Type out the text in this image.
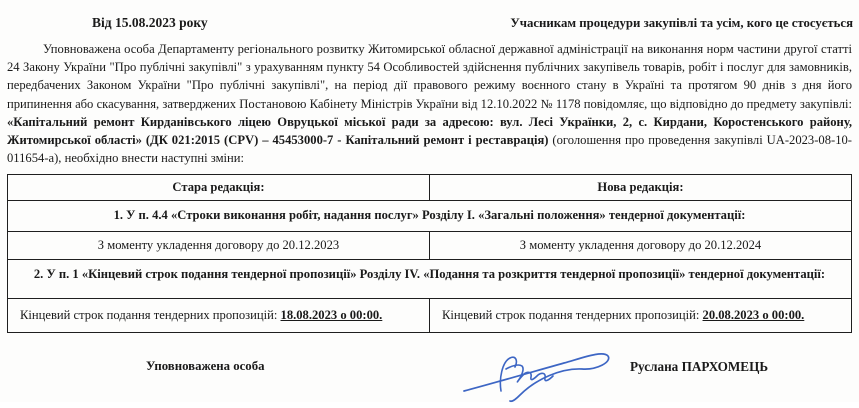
Від 15.08.2023 року	Учасникам процедури закупівлі та усім, кого це стосується

Уповноважена особа Департаменту регіонального розвитку Житомирської обласної державної адміністрації на виконання норм частини другої статті 24 Закону України "Про публічні закупівлі" з урахуванням пункту 54 Особливостей здійснення публічних закупівель товарів, робіт і послуг для замовників, передбачених Законом України "Про публічні закупівлі", на період дії правового режиму воєнного стану в Україні та протягом 90 днів з дня його припинення або скасування, затверджених Постановою Кабінету Міністрів України від 12.10.2022 № 1178 повідомляє, що відповідно до предмету закупівлі: «Капітальний ремонт Кирданівського ліцею Овруцької міської ради за адресою: вул. Лесі Українки, 2, с. Кирдани, Коростенського району, Житомирської області» (ДК 021:2015 (CPV) – 45453000-7 - Капітальний ремонт і реставрація) (оголошення про проведення закупівлі UA-2023-08-10-011654-a), необхідно внести наступні зміни:

Стара редакція:	Нова редакція:
1. У п. 4.4 «Строки виконання робіт, надання послуг» Розділу І. «Загальні положення» тендерної документації:	
З моменту укладення договору до 20.12.2023	З моменту укладення договору до 20.12.2024
2. У п. 1 «Кінцевий строк подання тендерної пропозиції» Розділу IV. «Подання та розкриття тендерної пропозиції» тендерної документації:	
Кінцевий строк подання тендерних пропозицій: 18.08.2023 о 00:00.	Кінцевий строк подання тендерних пропозицій: 20.08.2023 о 00:00.
Уповноважена особа	Руслана ПАРХОМЕЦЬ
